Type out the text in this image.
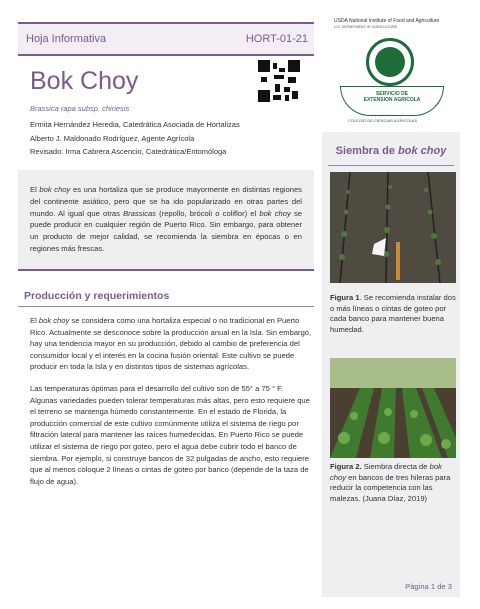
Hoja Informativa	HORT-01-21
Bok Choy
Brassica rapa subsp. chinesis
Ermita Hernández Heredia, Catedrática Asociada de Hortalizas
Alberto J. Maldonado Rodríguez, Agente Agrícola
Revisado: Irma Cabrera Ascencio, Catedrática/Entomóloga
El bok choy es una hortaliza que se produce mayormente en distintas regiones del continente asiático, pero que se ha ido popularizado en otras partes del mundo. Al igual que otras Brassicas (repollo, brócoli o coliflor) el bok choy se puede producir en cualquier región de Puerto Rico. Sin embargo, para obtener un producto de mejor calidad, se recomienda la siembra en épocas o en regiones más frescas.
Producción y requerimientos

El bok choy se considera como una hortaliza especial o no tradicional en Puerto Rico. Actualmente se desconoce sobre la producción anual en la Isla. Sin embargo, hay una tendencia mayor en su producción, debido al cambio de preferencia del consumidor local y el interés en la cocina fusión oriental. Este cultivo se puede producir en toda la Isla y en distintos tipos de sistemas agrícolas.

Las temperaturas óptimas para el desarrollo del cultivo son de 55° a 75 ° F. Algunas variedades pueden tolerar temperaturas más altas, pero esto requiere que el terreno se mantenga húmedo constantemente. En el estado de Florida, la producción comercial de este cultivo comúnmente utiliza el sistema de riego por filtración lateral para mantener las raíces humedecidas. En Puerto Rico se puede utilizar el sistema de riego por goteo, pero el agua debe cubrir todo el banco de siembra. Por ejemplo, si construye bancos de 32 pulgadas de ancho, esto requiere que al menos coloque 2 líneas o cintas de goteo por banco (depende de la taza de flujo de agua).

USDA National Institute of Food and Agriculture
U.S. DEPARTMENT OF AGRICULTURE
SERVICIO DE
EXTENSION AGRICOLA
COLEGIO DE CIENCIAS AGRICOLAS
Siembra de bok choy
Figura 1. Se recomienda instalar dos o más líneas o cintas de goteo por cada banco para mantener buena humedad.
Figura 2. Siembra directa de bok choy en bancos de tres hileras para reducir la competencia con las malezas. (Juana Díaz, 2019)
Página 1 de 3
